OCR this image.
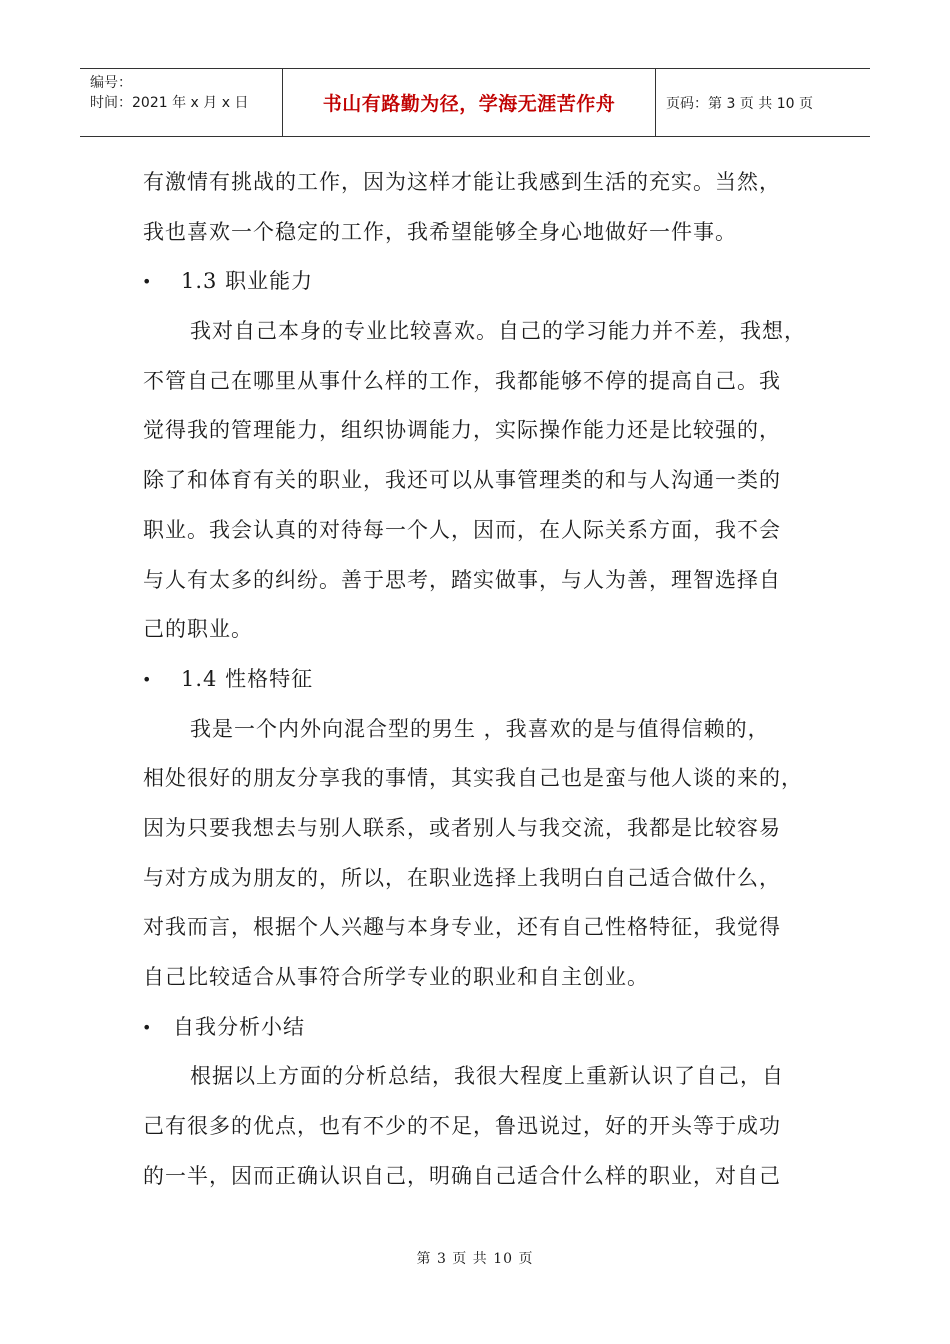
编号：
时间：2021 年 x 月 x 日	书山有路勤为径，学海无涯苦作舟	页码：第 3 页 共 10 页
有激情有挑战的工作，因为这样才能让我感到生活的充实。当然，
我也喜欢一个稳定的工作，我希望能够全身心地做好一件事。
• 1.3 职业能力
我对自己本身的专业比较喜欢。自己的学习能力并不差，我想，
不管自己在哪里从事什么样的工作，我都能够不停的提高自己。我
觉得我的管理能力，组织协调能力，实际操作能力还是比较强的，
除了和体育有关的职业，我还可以从事管理类的和与人沟通一类的
职业。我会认真的对待每一个人，因而，在人际关系方面，我不会
与人有太多的纠纷。善于思考，踏实做事，与人为善，理智选择自
己的职业。
• 1.4 性格特征
我是一个内外向混合型的男生 ，我喜欢的是与值得信赖的，
相处很好的朋友分享我的事情，其实我自己也是蛮与他人谈的来的，
因为只要我想去与别人联系，或者别人与我交流，我都是比较容易
与对方成为朋友的，所以，在职业选择上我明白自己适合做什么，
对我而言，根据个人兴趣与本身专业，还有自己性格特征，我觉得
自己比较适合从事符合所学专业的职业和自主创业。
• 自我分析小结
根据以上方面的分析总结，我很大程度上重新认识了自己，自
己有很多的优点，也有不少的不足，鲁迅说过，好的开头等于成功
的一半，因而正确认识自己，明确自己适合什么样的职业，对自己
第 3 页 共 10 页
